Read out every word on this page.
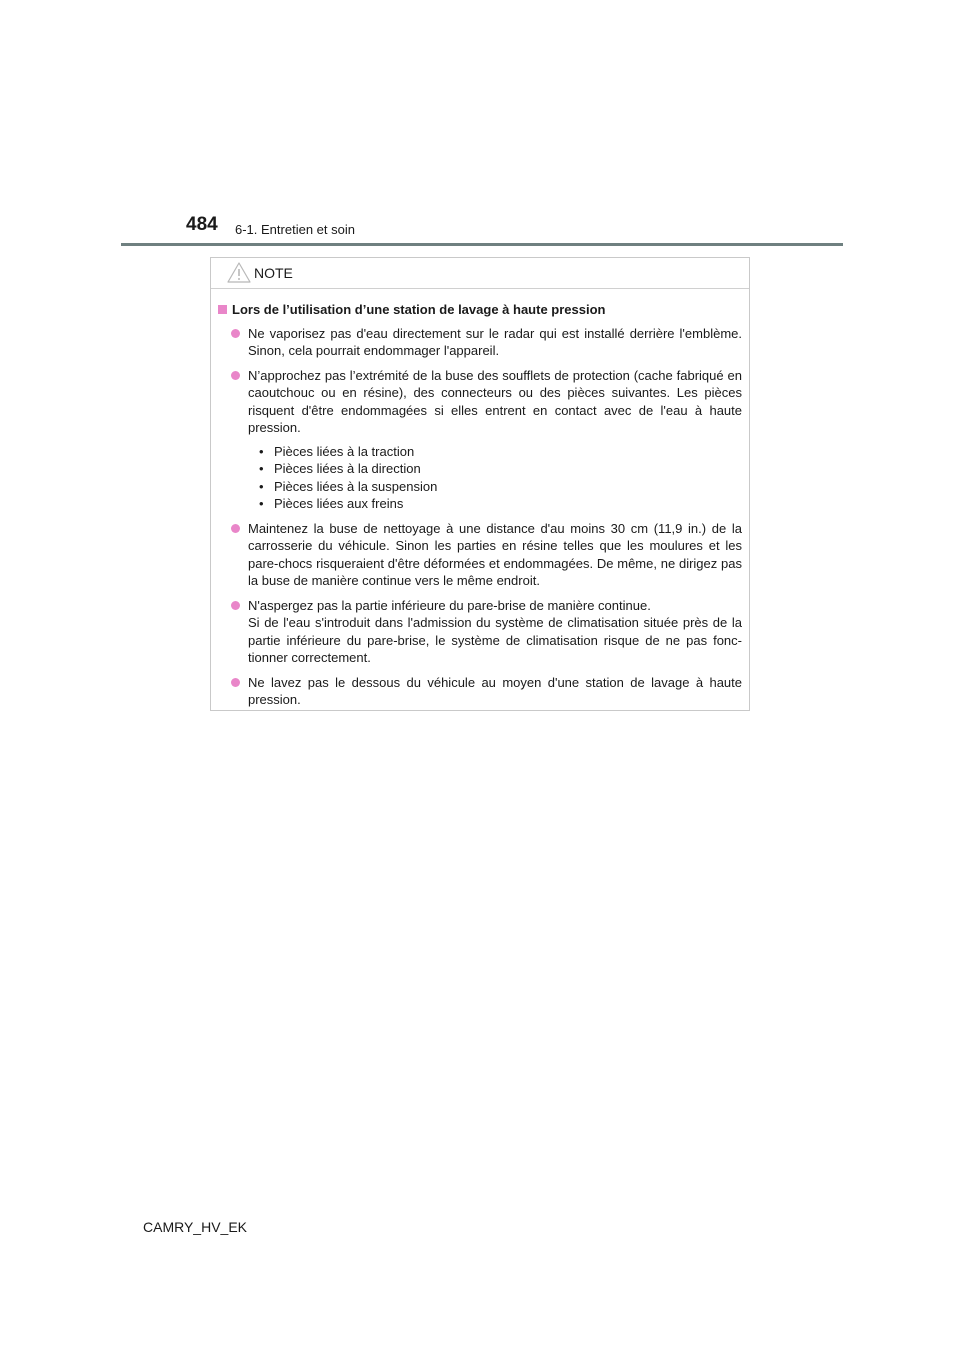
484 6-1. Entretien et soin
NOTE
Lors de l’utilisation d’une station de lavage à haute pression
Ne vaporisez pas d'eau directement sur le radar qui est installé derrière l'emblème. Sinon, cela pourrait endommager l'appareil.

N’approchez pas l’extrémité de la buse des soufflets de protection (cache fabriqué en caoutchouc ou en résine), des connecteurs ou des pièces suivantes. Les pièces risquent d'être endommagées si elles entrent en contact avec de l'eau à haute pression.

• Pièces liées à la traction
• Pièces liées à la direction
• Pièces liées à la suspension
• Pièces liées aux freins
Maintenez la buse de nettoyage à une distance d'au moins 30 cm (11,9 in.) de la carrosserie du véhicule. Sinon les parties en résine telles que les moulures et les pare-chocs risqueraient d'être déformées et endommagées. De même, ne dirigez pas la buse de manière continue vers le même endroit.

N'aspergez pas la partie inférieure du pare-brise de manière continue.

Si de l'eau s'introduit dans l'admission du système de climatisation située près de la partie inférieure du pare-brise, le système de climatisation risque de ne pas fonc-tionner correctement.

Ne lavez pas le dessous du véhicule au moyen d'une station de lavage à haute pression.
CAMRY_HV_EK
